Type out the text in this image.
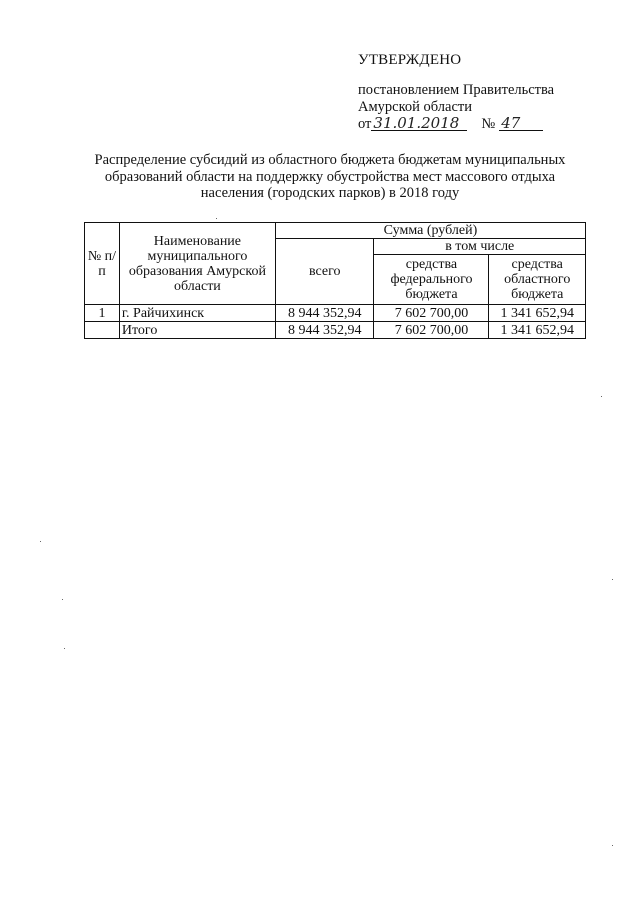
УТВЕРЖДЕНО
постановлением Правительства
Амурской области
от 31.01.2018 № 47
Распределение субсидий из областного бюджета бюджетам муниципальных
образований области на поддержку обустройства мест массового отдыха
населения (городских парков) в 2018 году
№ п/п	Наименование муниципального образования Амурской области	Сумма (рублей)		
		всего	в том числе	
			средства федерального бюджета	средства областного бюджета
1	г. Райчихинск	8 944 352,94	7 602 700,00	1 341 652,94
	Итого	8 944 352,94	7 602 700,00	1 341 652,94
